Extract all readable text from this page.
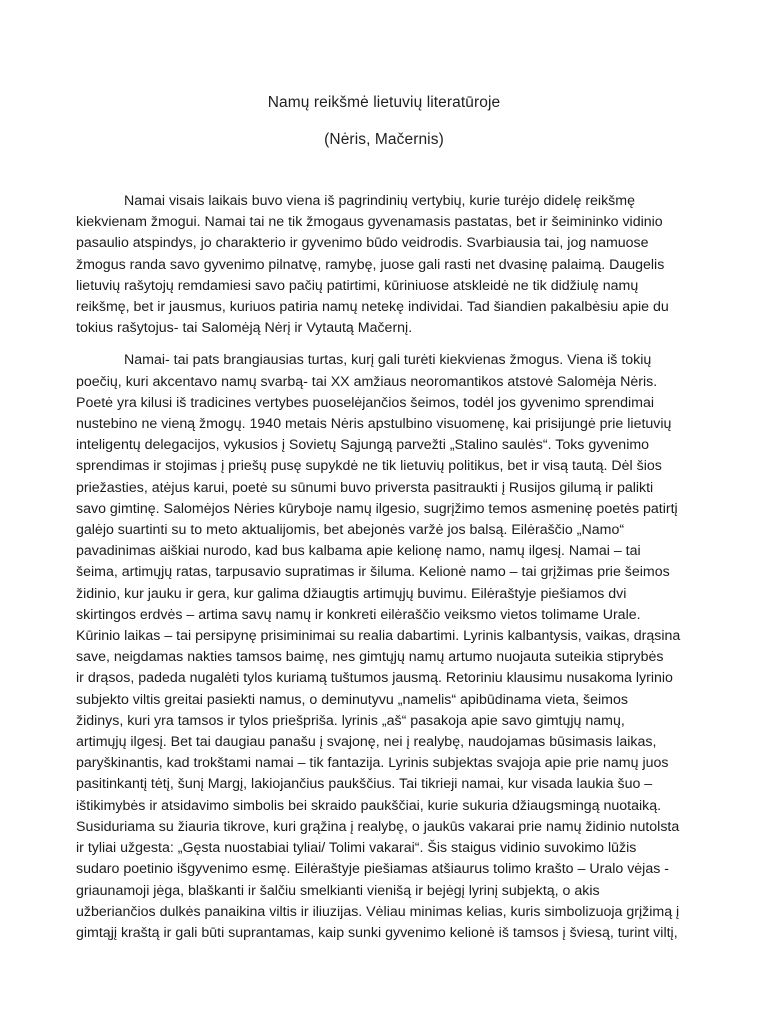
Namų reikšmė lietuvių literatūroje
(Nėris, Mačernis)

Namai visais laikais buvo viena iš pagrindinių vertybių, kurie turėjo didelę reikšmę
kiekvienam žmogui. Namai tai ne tik žmogaus gyvenamasis pastatas, bet ir šeimininko vidinio
pasaulio atspindys, jo charakterio ir gyvenimo būdo veidrodis. Svarbiausia tai, jog namuose
žmogus randa savo gyvenimo pilnatvę, ramybę, juose gali rasti net dvasinę palaimą. Daugelis
lietuvių rašytojų remdamiesi savo pačių patirtimi, kūriniuose atskleidė ne tik didžiulę namų
reikšmę, bet ir jausmus, kuriuos patiria namų netekę individai. Tad šiandien pakalbėsiu apie du
tokius rašytojus- tai Salomėją Nėrį ir Vytautą Mačernį.

Namai- tai pats brangiausias turtas, kurį gali turėti kiekvienas žmogus. Viena iš tokių
poečių, kuri akcentavo namų svarbą- tai XX amžiaus neoromantikos atstovė Salomėja Nėris.
Poetė yra kilusi iš tradicines vertybes puoselėjančios šeimos, todėl jos gyvenimo sprendimai
nustebino ne vieną žmogų. 1940 metais Nėris apstulbino visuomenę, kai prisijungė prie lietuvių
inteligentų delegacijos, vykusios į Sovietų Sąjungą parvežti „Stalino saulės“. Toks gyvenimo
sprendimas ir stojimas į priešų pusę supykdė ne tik lietuvių politikus, bet ir visą tautą. Dėl šios
priežasties, atėjus karui, poetė su sūnumi buvo priversta pasitraukti į Rusijos gilumą ir palikti
savo gimtinę. Salomėjos Nėries kūryboje namų ilgesio, sugrįžimo temos asmeninę poetės patirtį
galėjo suartinti su to meto aktualijomis, bet abejonės varžė jos balsą. Eilėraščio „Namo“
pavadinimas aiškiai nurodo, kad bus kalbama apie kelionę namo, namų ilgesį. Namai – tai
šeima, artimųjų ratas, tarpusavio supratimas ir šiluma. Kelionė namo – tai grįžimas prie šeimos
židinio, kur jauku ir gera, kur galima džiaugtis artimųjų buvimu. Eilėraštyje piešiamos dvi
skirtingos erdvės – artima savų namų ir konkreti eilėraščio veiksmo vietos tolimame Urale.
Kūrinio laikas – tai persipynę prisiminimai su realia dabartimi. Lyrinis kalbantysis, vaikas, drąsina
save, neigdamas nakties tamsos baimę, nes gimtųjų namų artumo nuojauta suteikia stiprybės
ir drąsos, padeda nugalėti tylos kuriamą tuštumos jausmą. Retoriniu klausimu nusakoma lyrinio
subjekto viltis greitai pasiekti namus, o deminutyvu „namelis“ apibūdinama vieta, šeimos
židinys, kuri yra tamsos ir tylos priešpriša. lyrinis „aš“ pasakoja apie savo gimtųjų namų,
artimųjų ilgesį. Bet tai daugiau panašu į svajonę, nei į realybę, naudojamas būsimasis laikas,
paryškinantis, kad trokštami namai – tik fantazija. Lyrinis subjektas svajoja apie prie namų juos
pasitinkantį tėtį, šunį Margį, lakiojančius paukščius. Tai tikrieji namai, kur visada laukia šuo –
ištikimybės ir atsidavimo simbolis bei skraido paukščiai, kurie sukuria džiaugsmingą nuotaiką.
Susiduriama su žiauria tikrove, kuri grąžina į realybę, o jaukūs vakarai prie namų židinio nutolsta
ir tyliai užgesta: „Gęsta nuostabiai tyliai/ Tolimi vakarai“. Šis staigus vidinio suvokimo lūžis
sudaro poetinio išgyvenimo esmę. Eilėraštyje piešiamas atšiaurus tolimo krašto – Uralo vėjas -
griaunamoji jėga, blaškanti ir šalčiu smelkianti vienišą ir bejėgį lyrinį subjektą, o akis
užberiančios dulkės panaikina viltis ir iliuzijas. Vėliau minimas kelias, kuris simbolizuoja grįžimą į
gimtąjį kraštą ir gali būti suprantamas, kaip sunki gyvenimo kelionė iš tamsos į šviesą, turint viltį,
